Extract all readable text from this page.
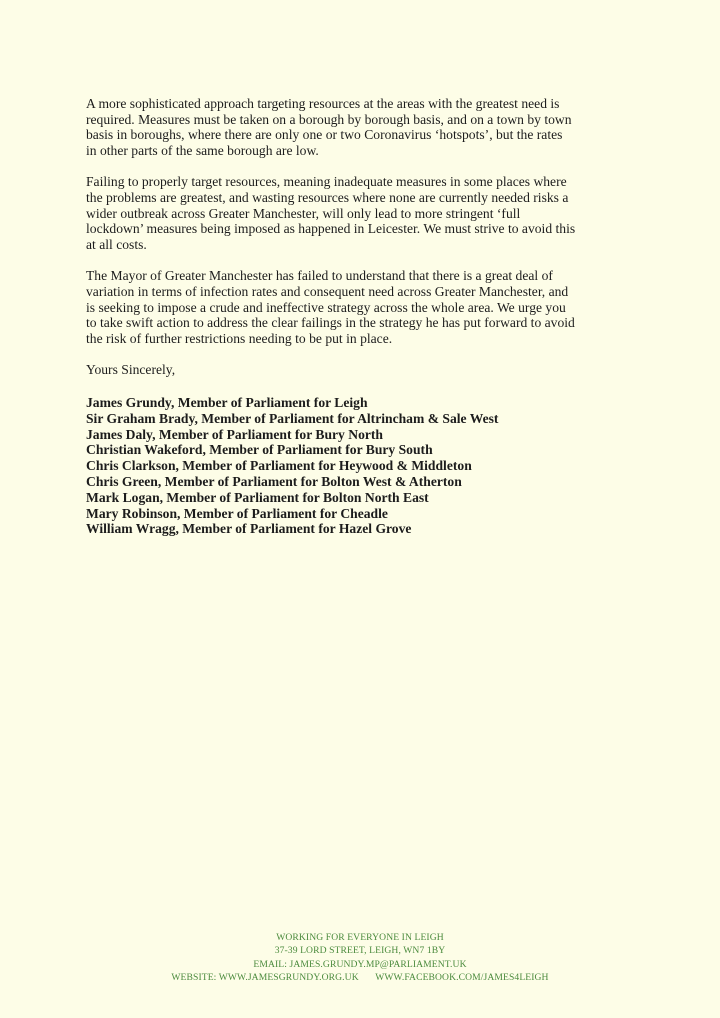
A more sophisticated approach targeting resources at the areas with the greatest need is
required. Measures must be taken on a borough by borough basis, and on a town by town
basis in boroughs, where there are only one or two Coronavirus ‘hotspots’, but the rates
in other parts of the same borough are low.

Failing to properly target resources, meaning inadequate measures in some places where
the problems are greatest, and wasting resources where none are currently needed risks a
wider outbreak across Greater Manchester, will only lead to more stringent ‘full
lockdown’ measures being imposed as happened in Leicester. We must strive to avoid this
at all costs.

The Mayor of Greater Manchester has failed to understand that there is a great deal of
variation in terms of infection rates and consequent need across Greater Manchester, and
is seeking to impose a crude and ineffective strategy across the whole area. We urge you
to take swift action to address the clear failings in the strategy he has put forward to avoid
the risk of further restrictions needing to be put in place.

Yours Sincerely,

James Grundy, Member of Parliament for Leigh
Sir Graham Brady, Member of Parliament for Altrincham & Sale West
James Daly, Member of Parliament for Bury North
Christian Wakeford, Member of Parliament for Bury South
Chris Clarkson, Member of Parliament for Heywood & Middleton
Chris Green, Member of Parliament for Bolton West & Atherton
Mark Logan, Member of Parliament for Bolton North East
Mary Robinson, Member of Parliament for Cheadle
William Wragg, Member of Parliament for Hazel Grove
WORKING FOR EVERYONE IN LEIGH
37-39 LORD STREET, LEIGH, WN7 1BY
EMAIL: JAMES.GRUNDY.MP@PARLIAMENT.UK
WEBSITE: WWW.JAMESGRUNDY.ORG.UK WWW.FACEBOOK.COM/JAMES4LEIGH
